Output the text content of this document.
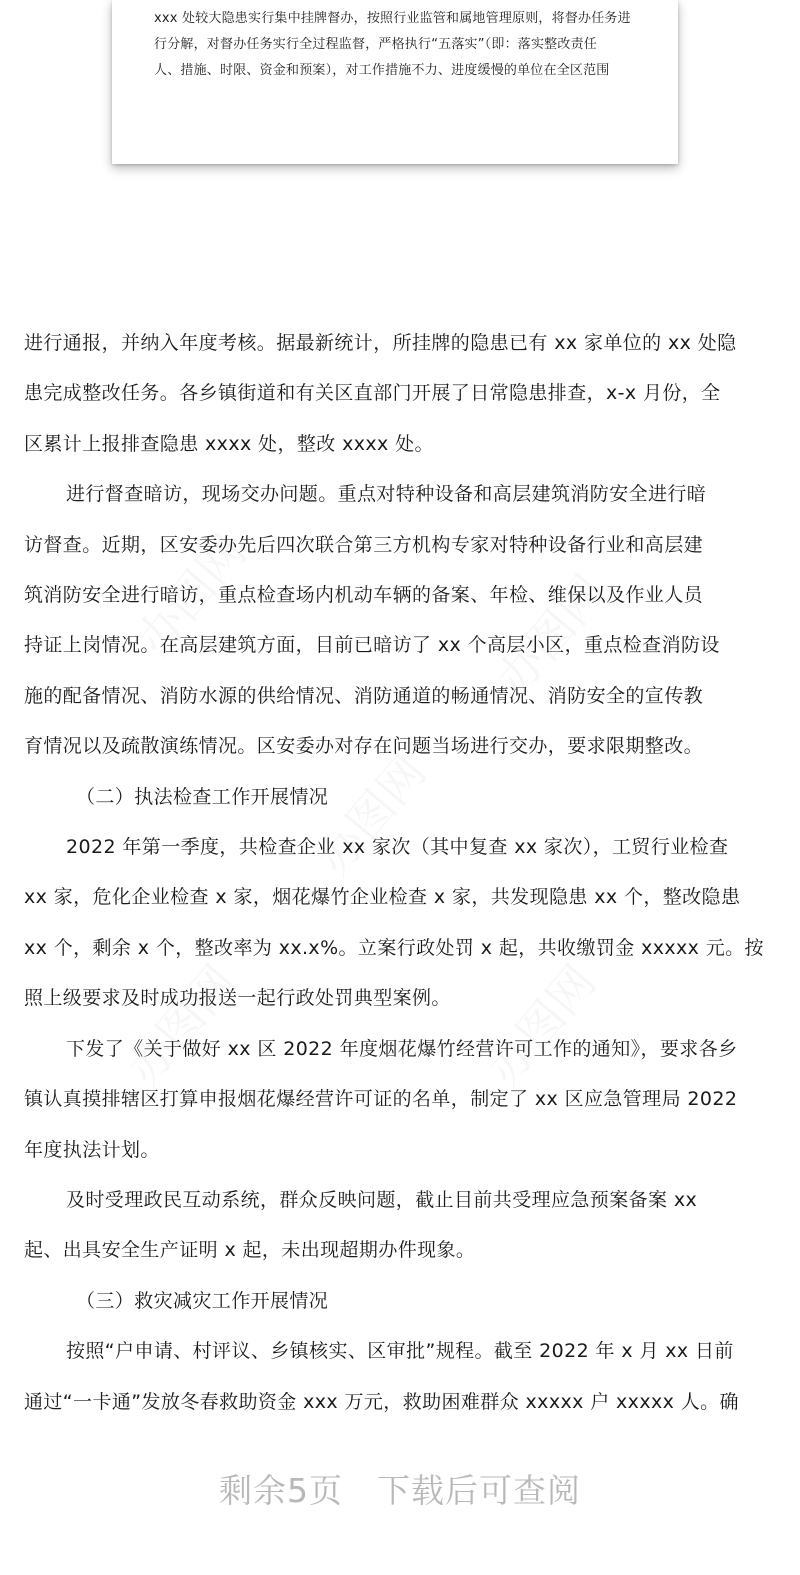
xxx 处较大隐患实行集中挂牌督办，按照行业监管和属地管理原则，将督办任务进
行分解，对督办任务实行全过程监督，严格执行“五落实”（即：落实整改责任
人、措施、时限、资金和预案），对工作措施不力、进度缓慢的单位在全区范围
进行通报，并纳入年度考核。据最新统计，所挂牌的隐患已有 xx 家单位的 xx 处隐
患完成整改任务。各乡镇街道和有关区直部门开展了日常隐患排查，x-x 月份，全
区累计上报排查隐患 xxxx 处，整改 xxxx 处。
进行督查暗访，现场交办问题。重点对特种设备和高层建筑消防安全进行暗
访督查。近期，区安委办先后四次联合第三方机构专家对特种设备行业和高层建
筑消防安全进行暗访，重点检查场内机动车辆的备案、年检、维保以及作业人员
持证上岗情况。在高层建筑方面，目前已暗访了 xx 个高层小区，重点检查消防设
施的配备情况、消防水源的供给情况、消防通道的畅通情况、消防安全的宣传教
育情况以及疏散演练情况。区安委办对存在问题当场进行交办，要求限期整改。
（二）执法检查工作开展情况
2022 年第一季度，共检查企业 xx 家次（其中复查 xx 家次），工贸行业检查
xx 家，危化企业检查 x 家，烟花爆竹企业检查 x 家，共发现隐患 xx 个，整改隐患
xx 个，剩余 x 个，整改率为 xx.x%。立案行政处罚 x 起，共收缴罚金 xxxxx 元。按
照上级要求及时成功报送一起行政处罚典型案例。
下发了《关于做好 xx 区 2022 年度烟花爆竹经营许可工作的通知》，要求各乡
镇认真摸排辖区打算申报烟花爆经营许可证的名单，制定了 xx 区应急管理局 2022
年度执法计划。
及时受理政民互动系统，群众反映问题，截止目前共受理应急预案备案 xx
起、出具安全生产证明 x 起，未出现超期办件现象。
（三）救灾减灾工作开展情况
按照“户申请、村评议、乡镇核实、区审批”规程。截至 2022 年 x 月 xx 日前
通过“一卡通”发放冬春救助资金 xxx 万元，救助困难群众 xxxxx 户 xxxxx 人。确
剩余5页 下载后可查阅
